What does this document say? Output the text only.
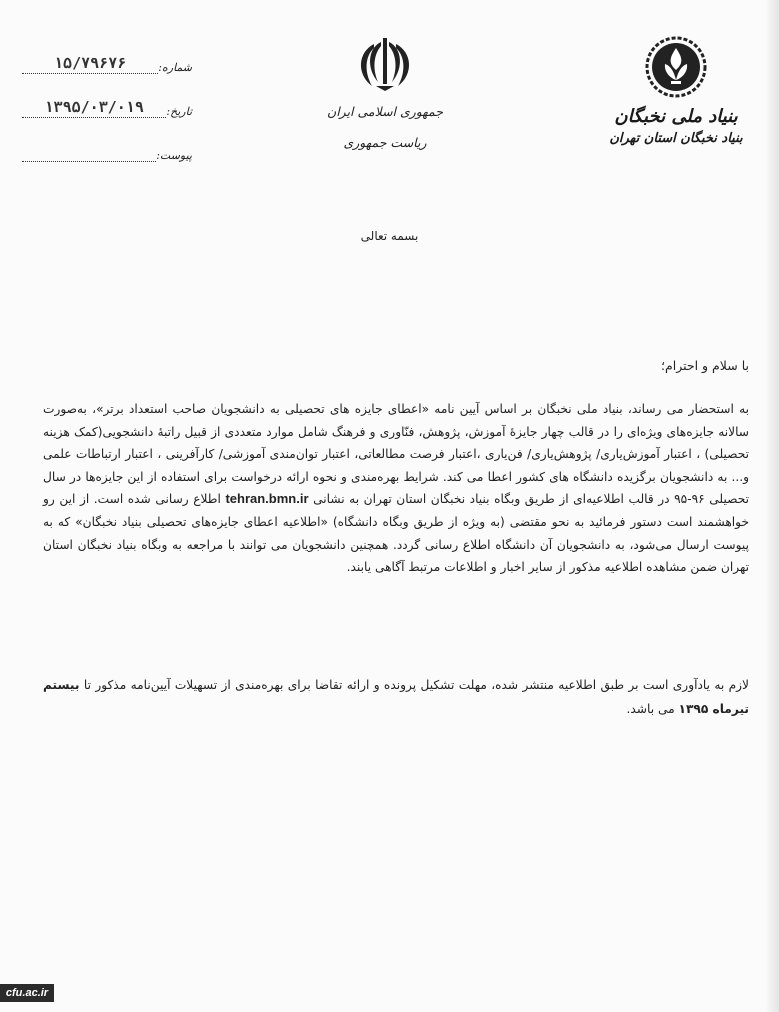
بنیاد ملی نخبگان
بنیاد نخبگان استان تهران
جمهوری اسلامی ایران
ریاست جمهوری
شماره:
۱۵/۷۹۶۷۶
تاریخ:
۱۳۹۵/۰۳/۰۱۹
پیوست:
بسمه تعالی
با سلام و احترام؛
به استحضار می رساند، بنیاد ملی نخبگان بر اساس آیین نامه «اعطای جایزه های تحصیلی به دانشجویان صاحب استعداد برتر»، به‌صورت سالانه جایزه‌های ویژه‌ای را در قالب چهار جایزهٔ آموزش، پژوهش، فنّاوری و فرهنگ شامل موارد متعددی از قبیل راتبهٔ دانشجویی(کمک هزینه تحصیلی) ، اعتبار آموزش‌یاری/ پژوهش‌یاری/ فن‌یاری ،اعتبار فرصت مطالعاتی، اعتبار توان‌مندی آموزشی/ کارآفرینی ، اعتبار ارتباطات علمی و... به دانشجویان برگزیده دانشگاه های کشور اعطا می کند. شرایط بهره‌مندی و نحوه ارائه درخواست برای استفاده از این جایزه‌ها در سال تحصیلی ۹۶-۹۵ در قالب اطلاعیه‌ای از طریق وبگاه بنیاد نخبگان استان تهران به نشانی tehran.bmn.ir اطلاع رسانی شده است. از این رو خواهشمند است دستور فرمائید به نحو مقتضی (به ویژه از طریق وبگاه دانشگاه) «اطلاعیه اعطای جایزه‌های تحصیلی بنیاد نخبگان» که به پیوست ارسال می‌شود، به دانشجویان آن دانشگاه اطلاع رسانی گردد. همچنین دانشجویان می توانند با مراجعه به وبگاه بنیاد نخبگان استان تهران ضمن مشاهده اطلاعیه مذکور از سایر اخبار و اطلاعات مرتبط آگاهی یابند.
لازم به یادآوری است بر طبق اطلاعیه منتشر شده، مهلت تشکیل پرونده و ارائه تقاضا برای بهره‌مندی از تسهیلات آیین‌نامه مذکور تا بیستم تیرماه ۱۳۹۵ می باشد.
cfu.ac.ir
